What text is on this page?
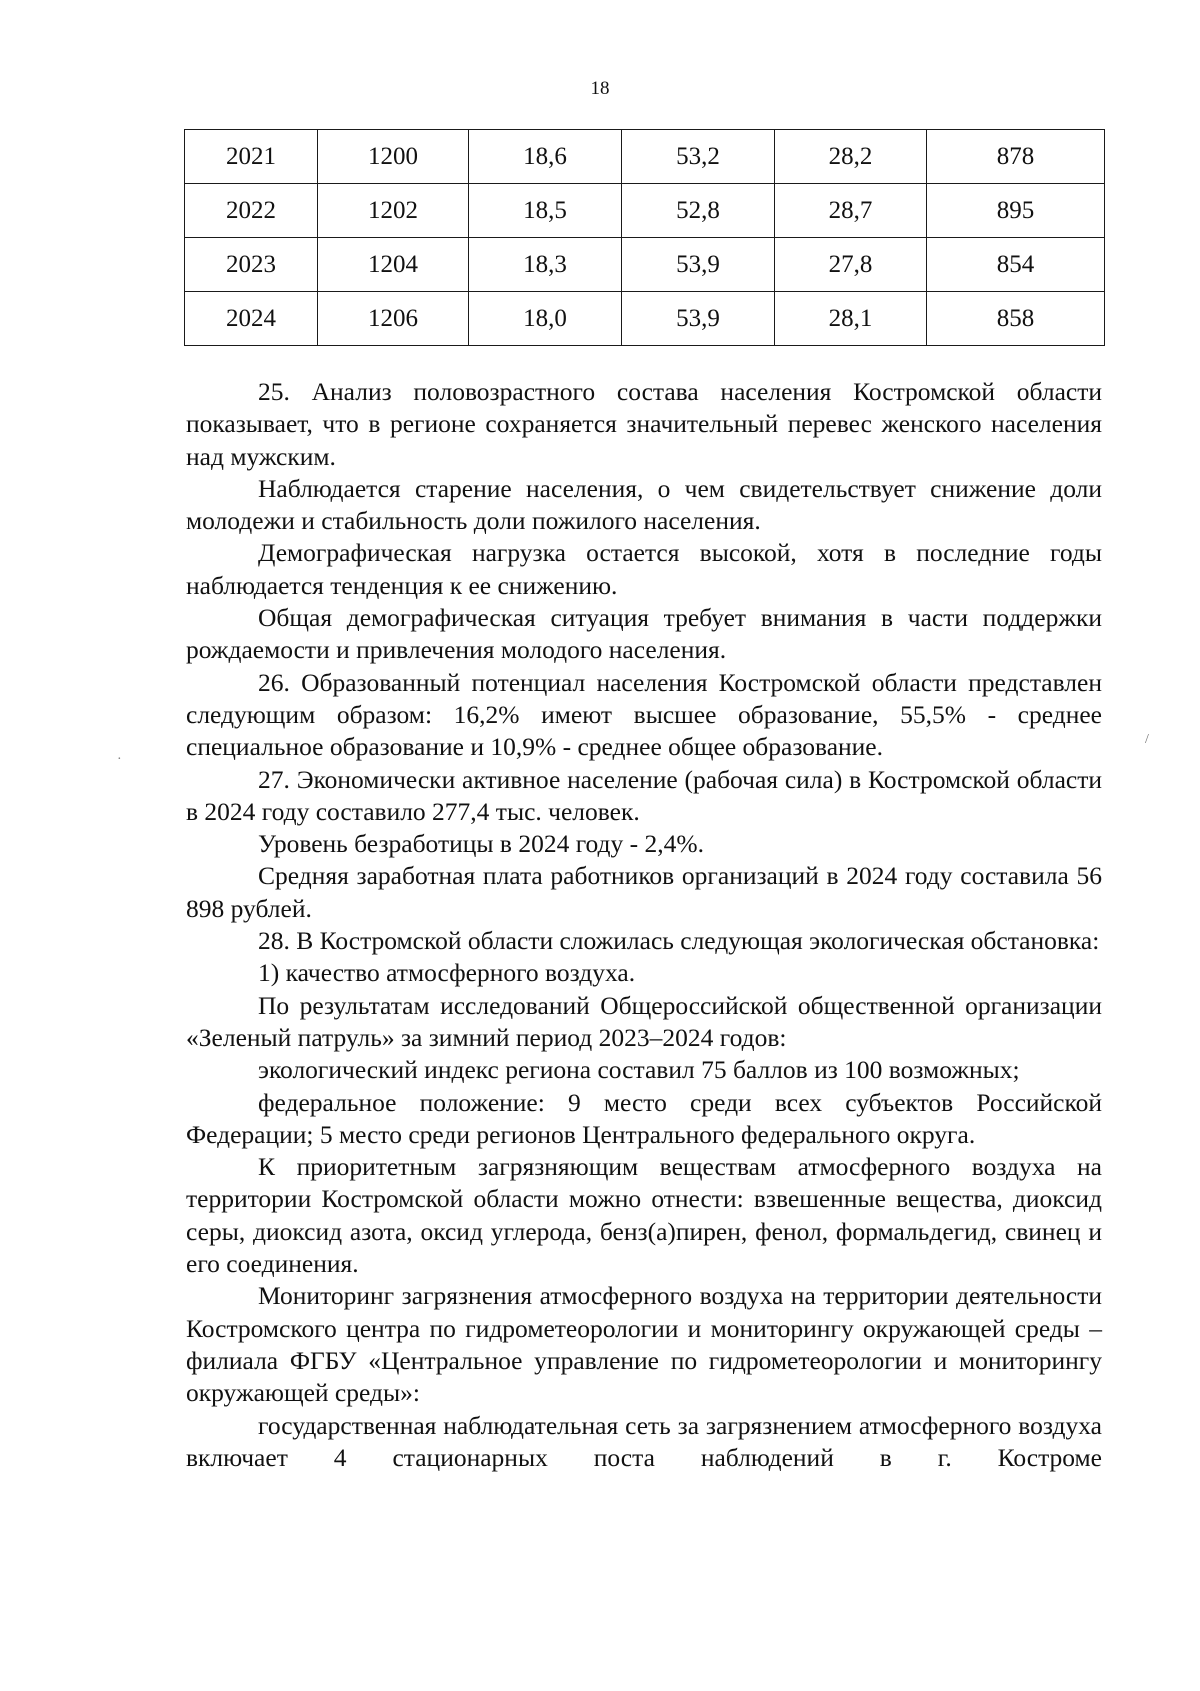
18
2021	1200	18,6	53,2	28,2	878
2022	1202	18,5	52,8	28,7	895
2023	1204	18,3	53,9	27,8	854
2024	1206	18,0	53,9	28,1	858

25. Анализ половозрастного состава населения Костромской области показывает, что в регионе сохраняется значительный перевес женского населения над мужским.

Наблюдается старение населения, о чем свидетельствует снижение доли молодежи и стабильность доли пожилого населения.

Демографическая нагрузка остается высокой, хотя в последние годы наблюдается тенденция к ее снижению.

Общая демографическая ситуация требует внимания в части поддержки рождаемости и привлечения молодого населения.

26. Образованный потенциал населения Костромской области представлен следующим образом: 16,2% имеют высшее образование, 55,5% - среднее специальное образование и 10,9% - среднее общее образование.

27. Экономически активное население (рабочая сила) в Костромской области в 2024 году составило 277,4 тыс. человек.

Уровень безработицы в 2024 году - 2,4%.

Средняя заработная плата работников организаций в 2024 году составила 56 898 рублей.

28. В Костромской области сложилась следующая экологическая обстановка:

1) качество атмосферного воздуха.

По результатам исследований Общероссийской общественной организации «Зеленый патруль» за зимний период 2023–2024 годов:

экологический индекс региона составил 75 баллов из 100 возможных;

федеральное положение: 9 место среди всех субъектов Российской Федерации; 5 место среди регионов Центрального федерального округа.

К приоритетным загрязняющим веществам атмосферного воздуха на территории Костромской области можно отнести: взвешенные вещества, диоксид серы, диоксид азота, оксид углерода, бенз(а)пирен, фенол, формальдегид, свинец и его соединения.

Мониторинг загрязнения атмосферного воздуха на территории деятельности Костромского центра по гидрометеорологии и мониторингу окружающей среды – филиала ФГБУ «Центральное управление по гидрометеорологии и мониторингу окружающей среды»:

государственная наблюдательная сеть за загрязнением атмосферного воздуха включает 4 стационарных поста наблюдений в г. Костроме

/
·
